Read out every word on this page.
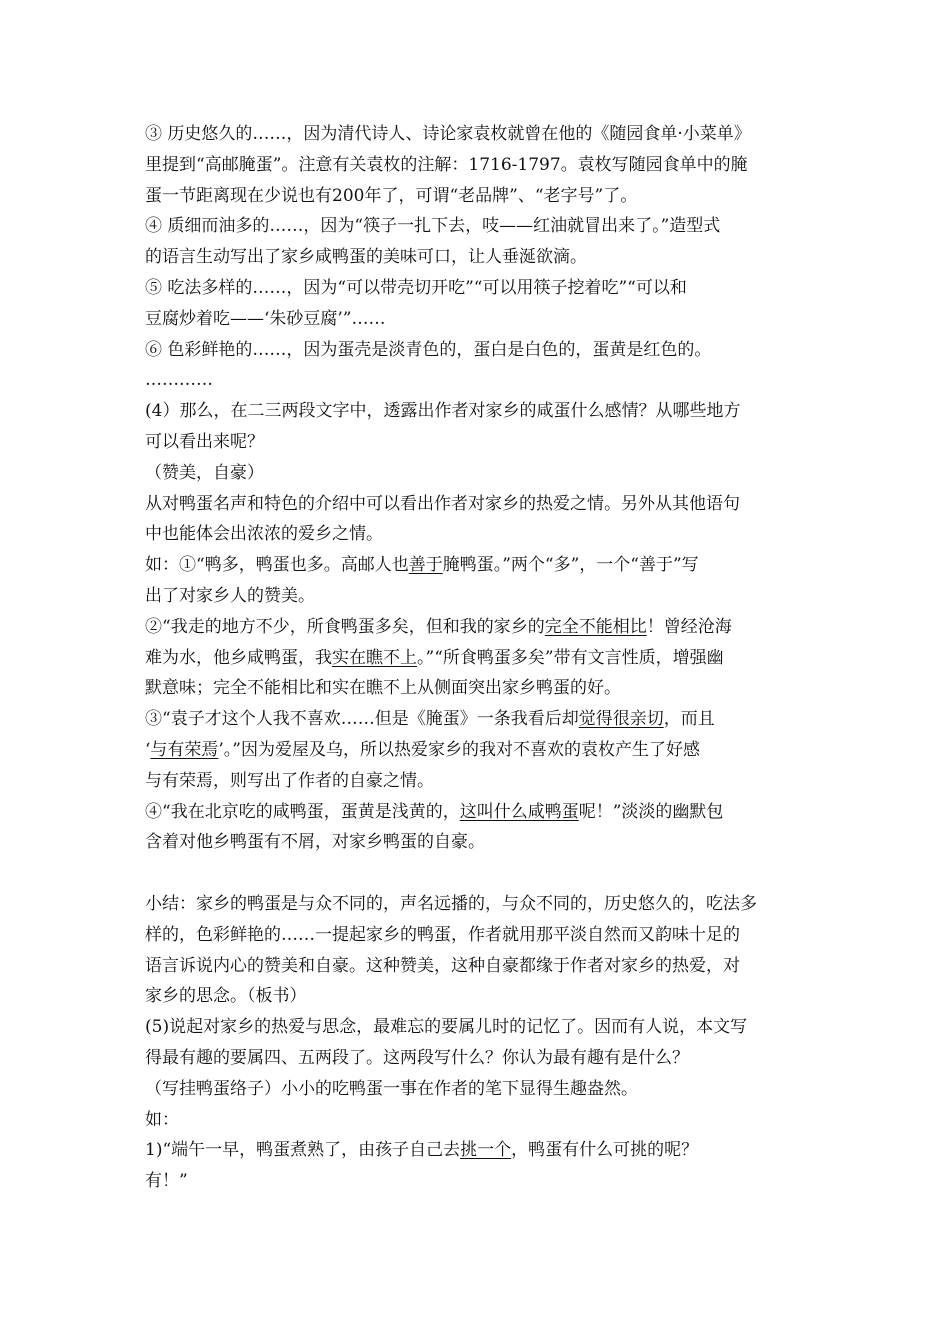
③ 历史悠久的……，因为清代诗人、诗论家袁枚就曾在他的《随园食单·小菜单》
里提到“高邮腌蛋”。注意有关袁枚的注解：1716-1797。袁枚写随园食单中的腌
蛋一节距离现在少说也有200年了，可谓“老品牌”、“老字号”了。
④ 质细而油多的……，因为“筷子一扎下去，吱——红油就冒出来了。”造型式
的语言生动写出了家乡咸鸭蛋的美味可口，让人垂涎欲滴。
⑤ 吃法多样的……，因为“可以带壳切开吃”“可以用筷子挖着吃”“可以和
豆腐炒着吃——‘朱砂豆腐’”……
⑥ 色彩鲜艳的……，因为蛋壳是淡青色的，蛋白是白色的，蛋黄是红色的。
…………
(4）那么，在二三两段文字中，透露出作者对家乡的咸蛋什么感情？从哪些地方
可以看出来呢？
（赞美，自豪）
从对鸭蛋名声和特色的介绍中可以看出作者对家乡的热爱之情。另外从其他语句
中也能体会出浓浓的爱乡之情。
如：①“鸭多，鸭蛋也多。高邮人也善于腌鸭蛋。”两个“多”，一个“善于”写
出了对家乡人的赞美。
②“我走的地方不少，所食鸭蛋多矣，但和我的家乡的完全不能相比！曾经沧海
难为水，他乡咸鸭蛋，我实在瞧不上。”“所食鸭蛋多矣”带有文言性质，增强幽
默意味；完全不能相比和实在瞧不上从侧面突出家乡鸭蛋的好。
③“袁子才这个人我不喜欢……但是《腌蛋》一条我看后却觉得很亲切，而且
‘与有荣焉’。”因为爱屋及乌，所以热爱家乡的我对不喜欢的袁枚产生了好感
与有荣焉，则写出了作者的自豪之情。
④“我在北京吃的咸鸭蛋，蛋黄是浅黄的，这叫什么咸鸭蛋呢！”淡淡的幽默包
含着对他乡鸭蛋有不屑，对家乡鸭蛋的自豪。
小结：家乡的鸭蛋是与众不同的，声名远播的，与众不同的，历史悠久的，吃法多
样的，色彩鲜艳的……一提起家乡的鸭蛋，作者就用那平淡自然而又韵味十足的
语言诉说内心的赞美和自豪。这种赞美，这种自豪都缘于作者对家乡的热爱，对
家乡的思念。（板书）
(5)说起对家乡的热爱与思念，最难忘的要属儿时的记忆了。因而有人说，本文写
得最有趣的要属四、五两段了。这两段写什么？你认为最有趣有是什么？
（写挂鸭蛋络子）小小的吃鸭蛋一事在作者的笔下显得生趣盎然。
如：
1)“端午一早，鸭蛋煮熟了，由孩子自己去挑一个，鸭蛋有什么可挑的呢？
有！”
